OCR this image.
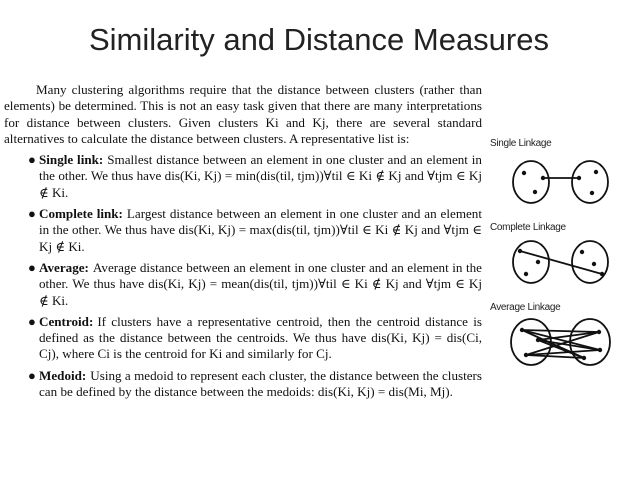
Similarity and Distance Measures

Many clustering algorithms require that the distance between clusters (rather than elements) be determined. This is not an easy task given that there are many interpretations for distance between clusters. Given clusters Ki and Kj, there are several standard alternatives to calculate the distance between clusters. A representative list is:

● Single link: Smallest distance between an element in one cluster and an element in the other. We thus have dis(Ki, Kj) = min(dis(til, tjm))∀til ∈ Ki ∉ Kj and ∀tjm ∈ Kj ∉ Ki.
● Complete link: Largest distance between an element in one cluster and an element in the other. We thus have dis(Ki, Kj) = max(dis(til, tjm))∀til ∈ Ki ∉ Kj and ∀tjm ∈ Kj ∉ Ki.
● Average: Average distance between an element in one cluster and an element in the other. We thus have dis(Ki, Kj) = mean(dis(til, tjm))∀til ∈ Ki ∉ Kj and ∀tjm ∈ Kj ∉ Ki.
● Centroid: If clusters have a representative centroid, then the centroid distance is defined as the distance between the centroids. We thus have dis(Ki, Kj) = dis(Ci, Cj), where Ci is the centroid for Ki and similarly for Cj.
● Medoid: Using a medoid to represent each cluster, the distance between the clusters can be defined by the distance between the medoids: dis(Ki, Kj) = dis(Mi, Mj).
Single Linkage
Complete Linkage
Average Linkage
